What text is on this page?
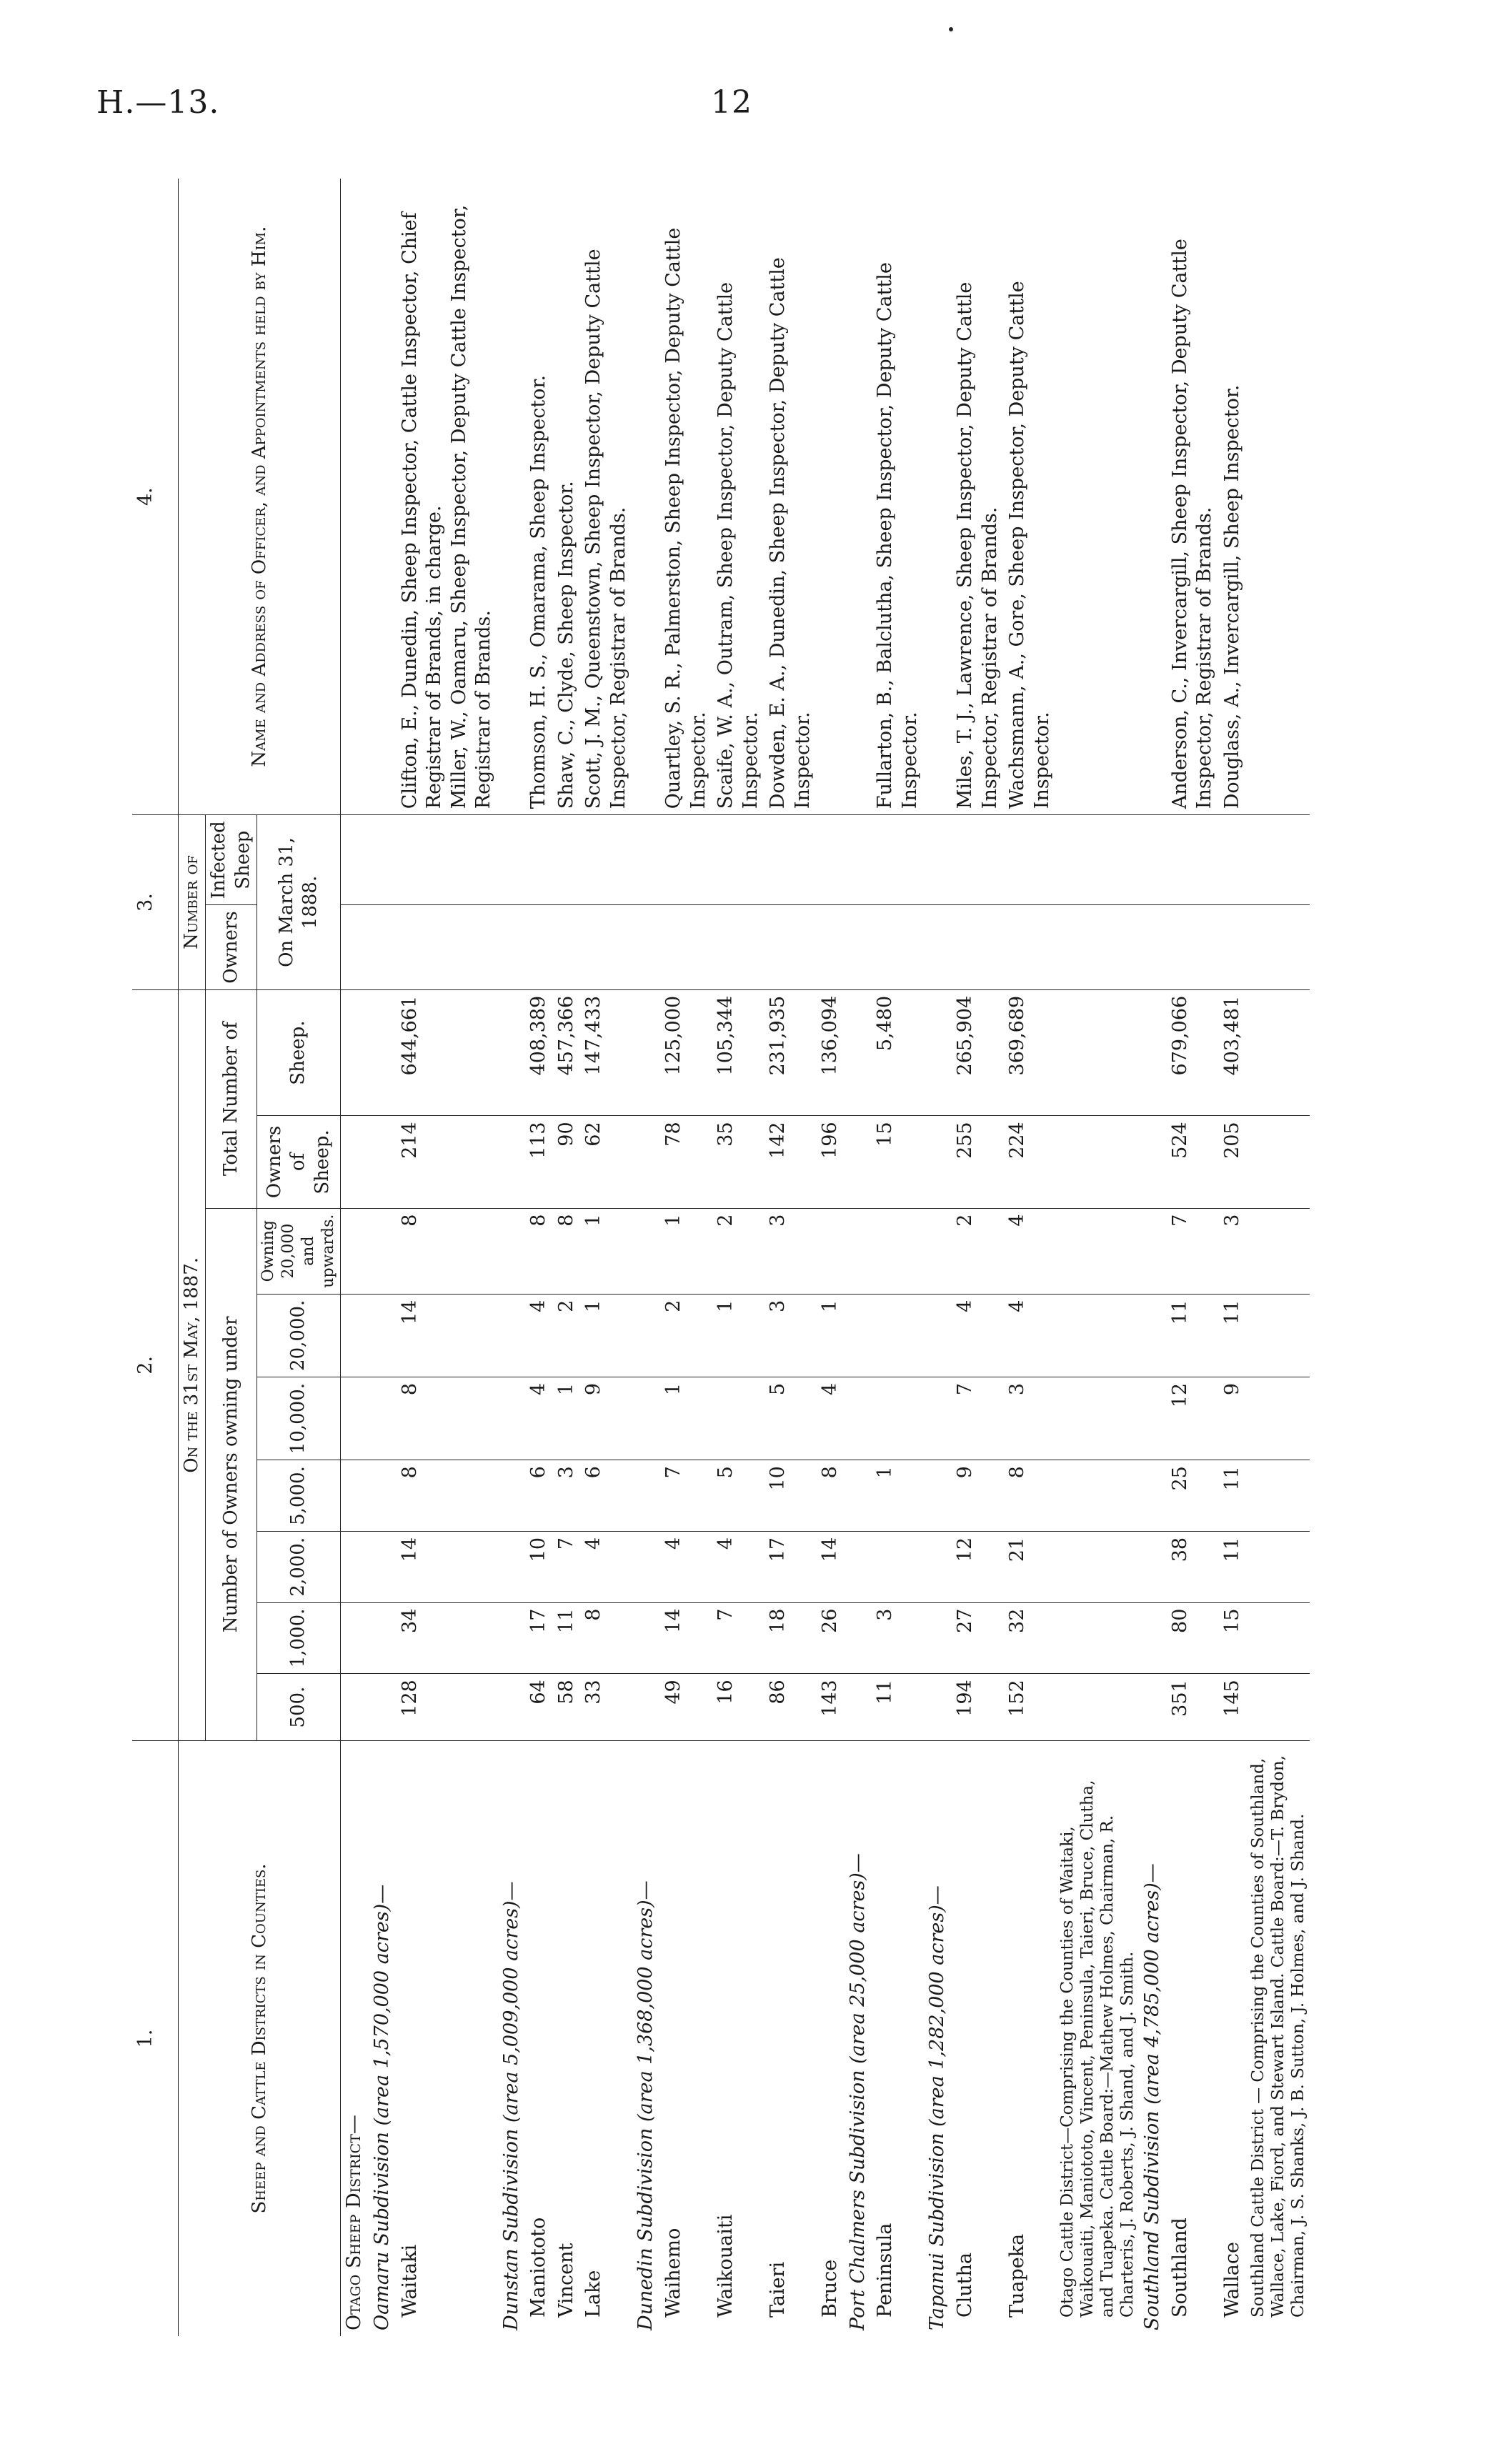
H.—13.	12
1.	2.									3.		4.
Sheep and Cattle Districts in Counties.	On the 31st May, 1887.									Number of		Name and Address of Officer, and Appointments held by Him.
	Number of Owners owning under							Total Number of		Owners	Infected Sheep	
	500.	1,000.	2,000.	5,000.	10,000.	20,000.	Owning 20,000 and upwards.	Owners of Sheep.	Sheep.	On March 31, 1888.		
Otago Sheep District—												
Oamaru Subdivision (area 1,570,000 acres)—												
Waitaki	128	34	14	8	8	14	8	214	644,661			Clifton, E., Dunedin, Sheep Inspector, Cattle Inspector, Chief Registrar of Brands, in charge. Miller, W., Oamaru, Sheep Inspector, Deputy Cattle Inspector, Registrar of Brands.

Dunstan Subdivision (area 5,009,000 acres)—												
Maniototo	64	17	10	6	4	4	8	113	408,389			Thomson, H. S., Omarama, Sheep Inspector.

Vincent	58	11	7	3	1	2	8	90	457,366			Shaw, C., Clyde, Sheep Inspector.

Lake	33	8	4	6	9	1	1	62	147,433			Scott, J. M., Queenstown, Sheep Inspector, Deputy Cattle Inspector, Registrar of Brands.

Dunedin Subdivision (area 1,368,000 acres)—												
Waihemo	49	14	4	7	1	2	1	78	125,000			Quartley, S. R., Palmerston, Sheep Inspector, Deputy Cattle Inspector.

Waikouaiti	16	7	4	5		1	2	35	105,344			Scaife, W. A., Outram, Sheep Inspector, Deputy Cattle Inspector.

Taieri	86	18	17	10	5	3	3	142	231,935			Dowden, E. A., Dunedin, Sheep Inspector, Deputy Cattle Inspector.

Bruce	143	26	14	8	4	1		196	136,094			
Port Chalmers Subdivision (area 25,000 acres)—												
Peninsula	11	3		1				15	5,480			Fullarton, B., Balclutha, Sheep Inspector, Deputy Cattle Inspector.

Tapanui Subdivision (area 1,282,000 acres)—												
Clutha	194	27	12	9	7	4	2	255	265,904			Miles, T. J., Lawrence, Sheep Inspector, Deputy Cattle Inspector, Registrar of Brands.

Tuapeka	152	32	21	8	3	4	4	224	369,689			Wachsmann, A., Gore, Sheep Inspector, Deputy Cattle Inspector.

Otago Cattle District—Comprising the Counties of Waitaki, Waikouaiti, Maniototo, Vincent, Peninsula, Taieri, Bruce, Clutha, and Tuapeka. Cattle Board:—Mathew Holmes, Chairman, R. Charteris, J. Roberts, J. Shand, and J. Smith.												
Southland Subdivision (area 4,785,000 acres)—												
Southland	351	80	38	25	12	11	7	524	679,066			Anderson, C., Invercargill, Sheep Inspector, Deputy Cattle Inspector, Registrar of Brands.

Wallace	145	15	11	11	9	11	3	205	403,481			Douglass, A., Invercargill, Sheep Inspector.

Southland Cattle District — Comprising the Counties of Southland, Wallace, Lake, Fiord, and Stewart Island. Cattle Board:—T. Brydon, Chairman, J. S. Shanks, J. B. Sutton, J. Holmes, and J. Shand.												
